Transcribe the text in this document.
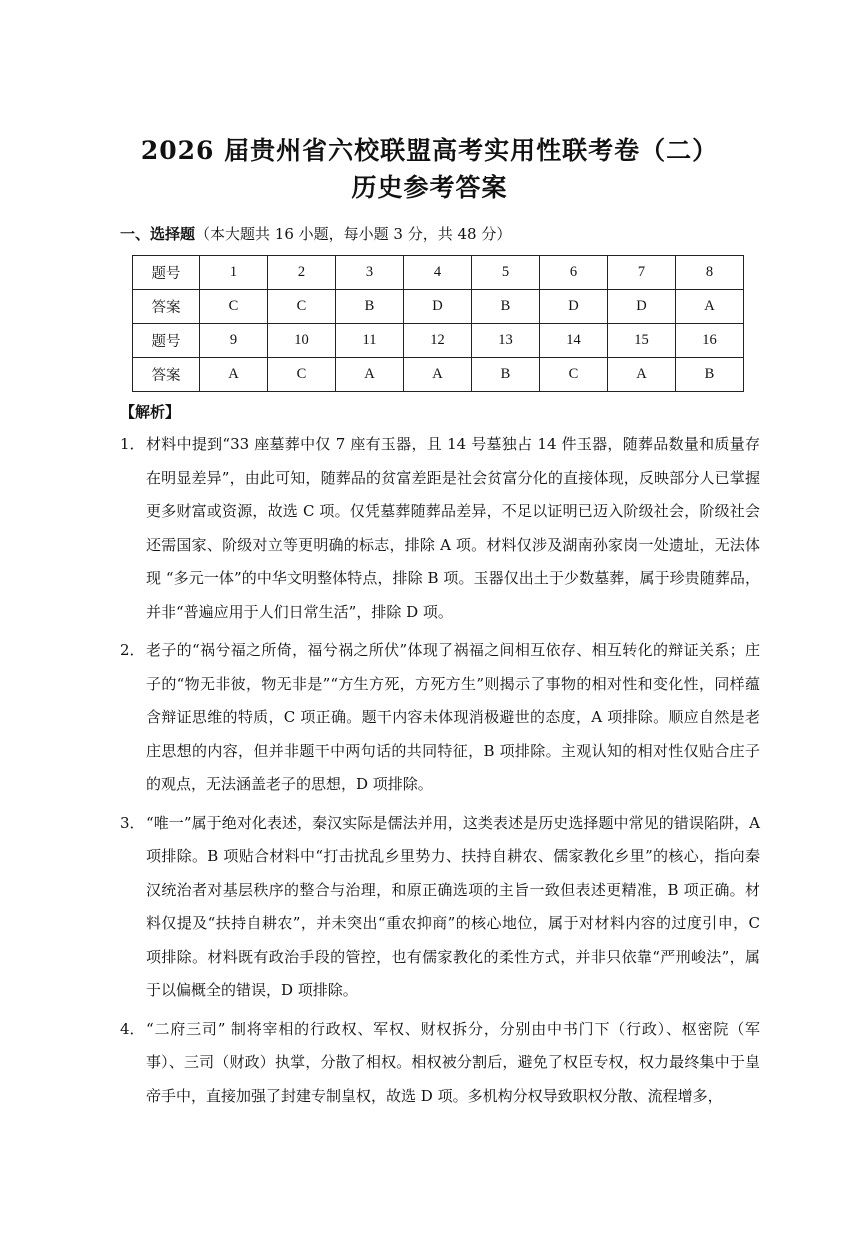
2026 届贵州省六校联盟高考实用性联考卷（二）
历史参考答案
一、选择题（本大题共 16 小题，每小题 3 分，共 48 分）
题号	1	2	3	4	5	6	7	8
答案	C	C	B	D	B	D	D	A
题号	9	10	11	12	13	14	15	16
答案	A	C	A	A	B	C	A	B
【解析】
1． 材料中提到“33 座墓葬中仅 7 座有玉器，且 14 号墓独占 14 件玉器，随葬品数量和质量存在明显差异”，由此可知，随葬品的贫富差距是社会贫富分化的直接体现，反映部分人已掌握更多财富或资源，故选 C 项。仅凭墓葬随葬品差异，不足以证明已迈入阶级社会，阶级社会还需国家、阶级对立等更明确的标志，排除 A 项。材料仅涉及湖南孙家岗一处遗址，无法体现 “多元一体”的中华文明整体特点，排除 B 项。玉器仅出土于少数墓葬，属于珍贵随葬品，并非“普遍应用于人们日常生活”，排除 D 项。
2． 老子的“祸兮福之所倚，福兮祸之所伏”体现了祸福之间相互依存、相互转化的辩证关系；庄子的“物无非彼，物无非是”“方生方死，方死方生”则揭示了事物的相对性和变化性，同样蕴含辩证思维的特质，C 项正确。题干内容未体现消极避世的态度，A 项排除。顺应自然是老庄思想的内容，但并非题干中两句话的共同特征，B 项排除。主观认知的相对性仅贴合庄子的观点，无法涵盖老子的思想，D 项排除。
3． “唯一”属于绝对化表述，秦汉实际是儒法并用，这类表述是历史选择题中常见的错误陷阱，A 项排除。B 项贴合材料中“打击扰乱乡里势力、扶持自耕农、儒家教化乡里”的核心，指向秦汉统治者对基层秩序的整合与治理，和原正确选项的主旨一致但表述更精准，B 项正确。材料仅提及“扶持自耕农”，并未突出“重农抑商”的核心地位，属于对材料内容的过度引申，C 项排除。材料既有政治手段的管控，也有儒家教化的柔性方式，并非只依靠“严刑峻法”，属于以偏概全的错误，D 项排除。
4． “二府三司” 制将宰相的行政权、军权、财权拆分，分别由中书门下（行政）、枢密院（军事）、三司（财政）执掌，分散了相权。相权被分割后，避免了权臣专权，权力最终集中于皇帝手中，直接加强了封建专制皇权，故选 D 项。多机构分权导致职权分散、流程增多，
